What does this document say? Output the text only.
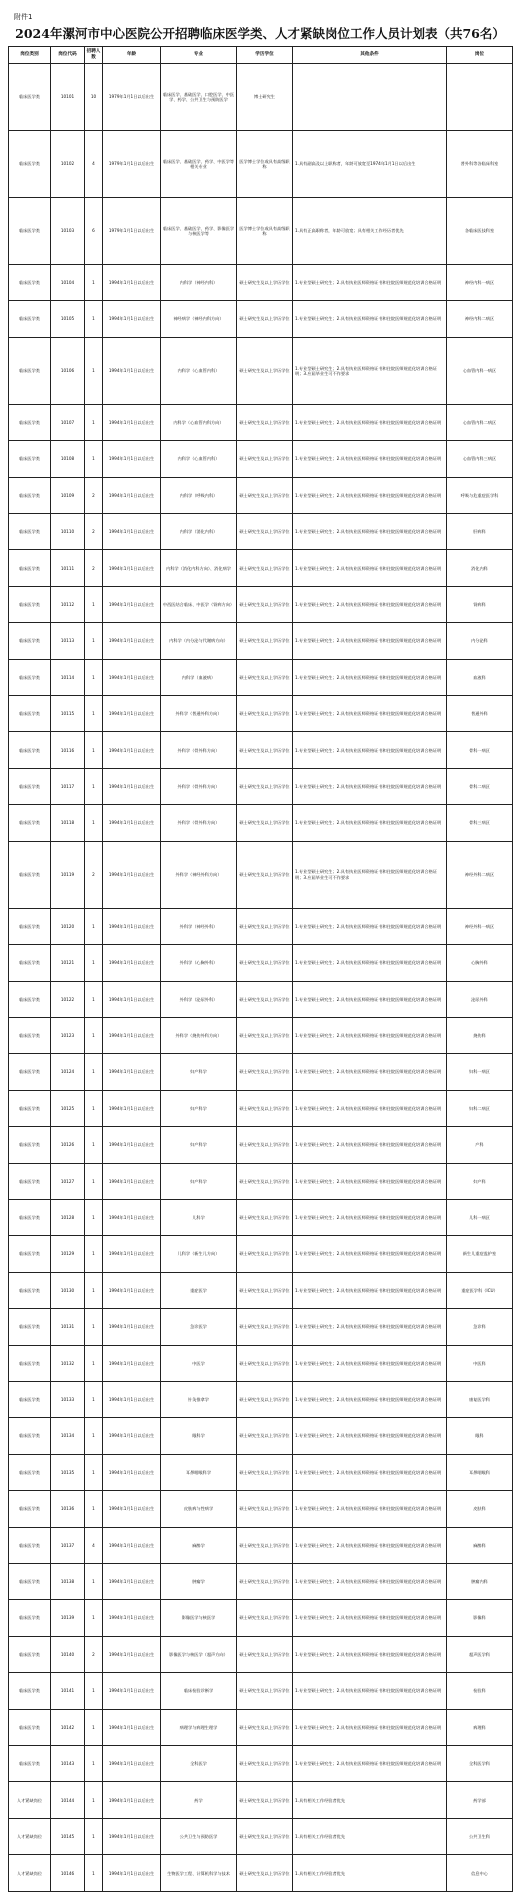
附件1
2024年漯河市中心医院公开招聘临床医学类、人才紧缺岗位工作人员计划表（共76名）
岗位类别	岗位代码	招聘人数	年龄	专业	学历学位	其他条件	岗位
临床医学类	10101	10	1979年1月1日以后出生	临床医学、基础医学、口腔医学、中医学、药学、公共卫生与预防医学	博士研究生		
临床医学类	10102	4	1979年1月1日以后出生	临床医学、基础医学、药学、中医学等相关专业	医学博士学位或具有高级职称	1.具有副高及以上职称者，年龄可放宽至1974年1月1日以后出生	普外科等各临床科室
临床医学类	10103	6	1979年1月1日以后出生	临床医学、基础医学、药学、影像医学与核医学等	医学博士学位或具有高级职称	1.具有正高职称者，年龄可放宽；具有相关工作经历者优先	各临床医技科室
临床医学类	10104	1	1994年1月1日以后出生	内科学（神经内科）	硕士研究生及以上学历学位	1.专业型硕士研究生；2.具有执业医师资格证书和住院医师规范化培训合格证明	神经内科一病区
临床医学类	10105	1	1994年1月1日以后出生	神经病学（神经内科方向）	硕士研究生及以上学历学位	1.专业型硕士研究生；2.具有执业医师资格证书和住院医师规范化培训合格证明	神经内科二病区
临床医学类	10106	1	1994年1月1日以后出生	内科学（心血管内科）	硕士研究生及以上学历学位	1.专业型硕士研究生；2.具有执业医师资格证书和住院医师规范化培训合格证明；3.应届毕业生可不作要求	心血管内科一病区
临床医学类	10107	1	1994年1月1日以后出生	内科学（心血管内科方向）	硕士研究生及以上学历学位	1.专业型硕士研究生；2.具有执业医师资格证书和住院医师规范化培训合格证明	心血管内科二病区
临床医学类	10108	1	1994年1月1日以后出生	内科学（心血管内科）	硕士研究生及以上学历学位	1.专业型硕士研究生；2.具有执业医师资格证书和住院医师规范化培训合格证明	心血管内科三病区
临床医学类	10109	2	1994年1月1日以后出生	内科学（呼吸内科）	硕士研究生及以上学历学位	1.专业型硕士研究生；2.具有执业医师资格证书和住院医师规范化培训合格证明	呼吸与危重症医学科
临床医学类	10110	2	1994年1月1日以后出生	内科学（消化内科）	硕士研究生及以上学历学位	1.专业型硕士研究生；2.具有执业医师资格证书和住院医师规范化培训合格证明	肝病科
临床医学类	10111	2	1994年1月1日以后出生	内科学（消化内科方向）、消化病学	硕士研究生及以上学历学位	1.专业型硕士研究生；2.具有执业医师资格证书和住院医师规范化培训合格证明	消化内科
临床医学类	10112	1	1994年1月1日以后出生	中西医结合临床、中医学（肾病方向）	硕士研究生及以上学历学位	1.专业型硕士研究生；2.具有执业医师资格证书和住院医师规范化培训合格证明	肾病科
临床医学类	10113	1	1994年1月1日以后出生	内科学（内分泌与代谢病方向）	硕士研究生及以上学历学位	1.专业型硕士研究生；2.具有执业医师资格证书和住院医师规范化培训合格证明	内分泌科
临床医学类	10114	1	1994年1月1日以后出生	内科学（血液病）	硕士研究生及以上学历学位	1.专业型硕士研究生；2.具有执业医师资格证书和住院医师规范化培训合格证明	血液科
临床医学类	10115	1	1994年1月1日以后出生	外科学（普通外科方向）	硕士研究生及以上学历学位	1.专业型硕士研究生；2.具有执业医师资格证书和住院医师规范化培训合格证明	普通外科
临床医学类	10116	1	1994年1月1日以后出生	外科学（骨外科方向）	硕士研究生及以上学历学位	1.专业型硕士研究生；2.具有执业医师资格证书和住院医师规范化培训合格证明	骨科一病区
临床医学类	10117	1	1994年1月1日以后出生	外科学（骨外科方向）	硕士研究生及以上学历学位	1.专业型硕士研究生；2.具有执业医师资格证书和住院医师规范化培训合格证明	骨科二病区
临床医学类	10118	1	1994年1月1日以后出生	外科学（骨外科方向）	硕士研究生及以上学历学位	1.专业型硕士研究生；2.具有执业医师资格证书和住院医师规范化培训合格证明	骨科三病区
临床医学类	10119	2	1994年1月1日以后出生	外科学（神经外科方向）	硕士研究生及以上学历学位	1.专业型硕士研究生；2.具有执业医师资格证书和住院医师规范化培训合格证明；3.应届毕业生可不作要求	神经外科二病区
临床医学类	10120	1	1994年1月1日以后出生	外科学（神经外科）	硕士研究生及以上学历学位	1.专业型硕士研究生；2.具有执业医师资格证书和住院医师规范化培训合格证明	神经外科一病区
临床医学类	10121	1	1994年1月1日以后出生	外科学（心胸外科）	硕士研究生及以上学历学位	1.专业型硕士研究生；2.具有执业医师资格证书和住院医师规范化培训合格证明	心胸外科
临床医学类	10122	1	1994年1月1日以后出生	外科学（泌尿外科）	硕士研究生及以上学历学位	1.专业型硕士研究生；2.具有执业医师资格证书和住院医师规范化培训合格证明	泌尿外科
临床医学类	10123	1	1994年1月1日以后出生	外科学（烧伤外科方向）	硕士研究生及以上学历学位	1.专业型硕士研究生；2.具有执业医师资格证书和住院医师规范化培训合格证明	烧伤科
临床医学类	10124	1	1994年1月1日以后出生	妇产科学	硕士研究生及以上学历学位	1.专业型硕士研究生；2.具有执业医师资格证书和住院医师规范化培训合格证明	妇科一病区
临床医学类	10125	1	1994年1月1日以后出生	妇产科学	硕士研究生及以上学历学位	1.专业型硕士研究生；2.具有执业医师资格证书和住院医师规范化培训合格证明	妇科二病区
临床医学类	10126	1	1994年1月1日以后出生	妇产科学	硕士研究生及以上学历学位	1.专业型硕士研究生；2.具有执业医师资格证书和住院医师规范化培训合格证明	产科
临床医学类	10127	1	1994年1月1日以后出生	妇产科学	硕士研究生及以上学历学位	1.专业型硕士研究生；2.具有执业医师资格证书和住院医师规范化培训合格证明	妇产科
临床医学类	10128	1	1994年1月1日以后出生	儿科学	硕士研究生及以上学历学位	1.专业型硕士研究生；2.具有执业医师资格证书和住院医师规范化培训合格证明	儿科一病区
临床医学类	10129	1	1994年1月1日以后出生	儿科学（新生儿方向）	硕士研究生及以上学历学位	1.专业型硕士研究生；2.具有执业医师资格证书和住院医师规范化培训合格证明	新生儿重症监护室
临床医学类	10130	1	1994年1月1日以后出生	重症医学	硕士研究生及以上学历学位	1.专业型硕士研究生；2.具有执业医师资格证书和住院医师规范化培训合格证明	重症医学科（ICU）
临床医学类	10131	1	1994年1月1日以后出生	急诊医学	硕士研究生及以上学历学位	1.专业型硕士研究生；2.具有执业医师资格证书和住院医师规范化培训合格证明	急诊科
临床医学类	10132	1	1994年1月1日以后出生	中医学	硕士研究生及以上学历学位	1.专业型硕士研究生；2.具有执业医师资格证书和住院医师规范化培训合格证明	中医科
临床医学类	10133	1	1994年1月1日以后出生	针灸推拿学	硕士研究生及以上学历学位	1.专业型硕士研究生；2.具有执业医师资格证书和住院医师规范化培训合格证明	康复医学科
临床医学类	10134	1	1994年1月1日以后出生	眼科学	硕士研究生及以上学历学位	1.专业型硕士研究生；2.具有执业医师资格证书和住院医师规范化培训合格证明	眼科
临床医学类	10135	1	1994年1月1日以后出生	耳鼻咽喉科学	硕士研究生及以上学历学位	1.专业型硕士研究生；2.具有执业医师资格证书和住院医师规范化培训合格证明	耳鼻咽喉科
临床医学类	10136	1	1994年1月1日以后出生	皮肤病与性病学	硕士研究生及以上学历学位	1.专业型硕士研究生；2.具有执业医师资格证书和住院医师规范化培训合格证明	皮肤科
临床医学类	10137	4	1994年1月1日以后出生	麻醉学	硕士研究生及以上学历学位	1.专业型硕士研究生；2.具有执业医师资格证书和住院医师规范化培训合格证明	麻醉科
临床医学类	10138	1	1994年1月1日以后出生	肿瘤学	硕士研究生及以上学历学位	1.专业型硕士研究生；2.具有执业医师资格证书和住院医师规范化培训合格证明	肿瘤内科
临床医学类	10139	1	1994年1月1日以后出生	影像医学与核医学	硕士研究生及以上学历学位	1.专业型硕士研究生；2.具有执业医师资格证书和住院医师规范化培训合格证明	影像科
临床医学类	10140	2	1994年1月1日以后出生	影像医学与核医学（超声方向）	硕士研究生及以上学历学位	1.专业型硕士研究生；2.具有执业医师资格证书和住院医师规范化培训合格证明	超声医学科
临床医学类	10141	1	1994年1月1日以后出生	临床检验诊断学	硕士研究生及以上学历学位	1.专业型硕士研究生；2.具有执业医师资格证书和住院医师规范化培训合格证明	检验科
临床医学类	10142	1	1994年1月1日以后出生	病理学与病理生理学	硕士研究生及以上学历学位	1.专业型硕士研究生；2.具有执业医师资格证书和住院医师规范化培训合格证明	病理科
临床医学类	10143	1	1994年1月1日以后出生	全科医学	硕士研究生及以上学历学位	1.专业型硕士研究生；2.具有执业医师资格证书和住院医师规范化培训合格证明	全科医学科
人才紧缺岗位	10144	1	1994年1月1日以后出生	药学	硕士研究生及以上学历学位	1.具有相关工作经验者优先	药学部
人才紧缺岗位	10145	1	1994年1月1日以后出生	公共卫生与预防医学	硕士研究生及以上学历学位	1.具有相关工作经验者优先	公共卫生科
人才紧缺岗位	10146	1	1994年1月1日以后出生	生物医学工程、计算机科学与技术	硕士研究生及以上学历学位	1.具有相关工作经验者优先	信息中心
